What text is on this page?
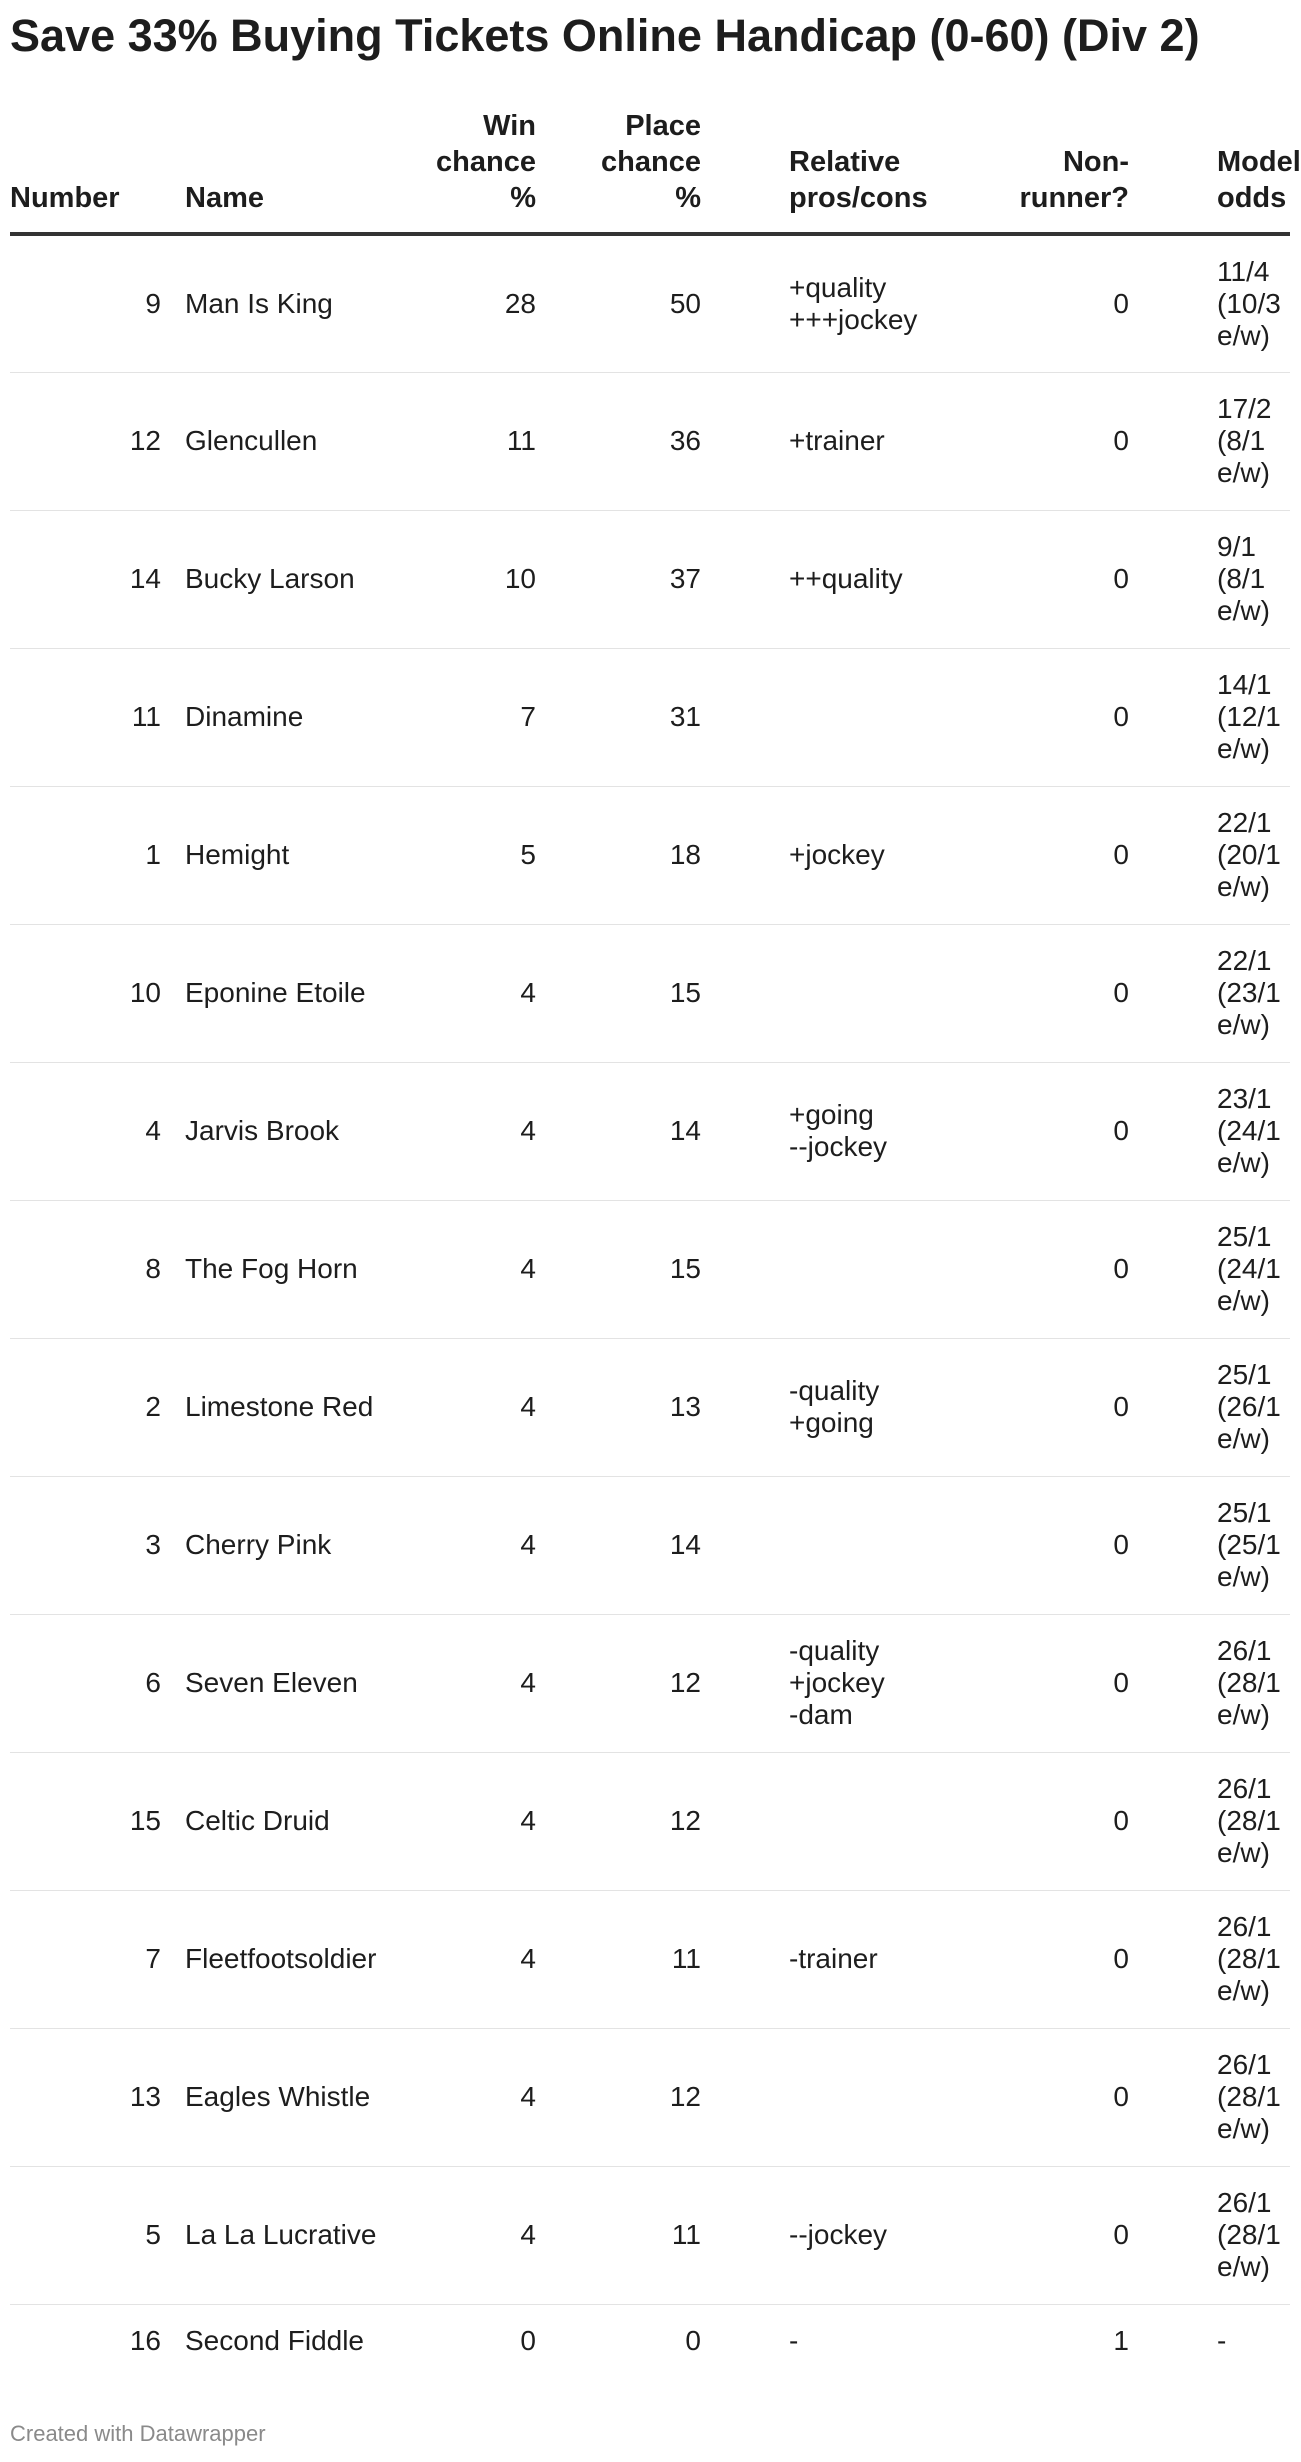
Save 33% Buying Tickets Online Handicap (0-60) (Div 2)
Number	Name	Win
chance
%	Place
chance
%	Relative
pros/cons	Non-
runner?	Model
odds
9	Man Is King	28	50	+quality
+++jockey	0	11/4
(10/3
e/w)
12	Glencullen	11	36	+trainer	0	17/2
(8/1
e/w)
14	Bucky Larson	10	37	++quality	0	9/1
(8/1
e/w)
11	Dinamine	7	31		0	14/1
(12/1
e/w)
1	Hemight	5	18	+jockey	0	22/1
(20/1
e/w)
10	Eponine Etoile	4	15		0	22/1
(23/1
e/w)
4	Jarvis Brook	4	14	+going
--jockey	0	23/1
(24/1
e/w)
8	The Fog Horn	4	15		0	25/1
(24/1
e/w)
2	Limestone Red	4	13	-quality
+going	0	25/1
(26/1
e/w)
3	Cherry Pink	4	14		0	25/1
(25/1
e/w)
6	Seven Eleven	4	12	-quality
+jockey
-dam	0	26/1
(28/1
e/w)
15	Celtic Druid	4	12		0	26/1
(28/1
e/w)
7	Fleetfootsoldier	4	11	-trainer	0	26/1
(28/1
e/w)
13	Eagles Whistle	4	12		0	26/1
(28/1
e/w)
5	La La Lucrative	4	11	--jockey	0	26/1
(28/1
e/w)
16	Second Fiddle	0	0	-	1	-
Created with Datawrapper
